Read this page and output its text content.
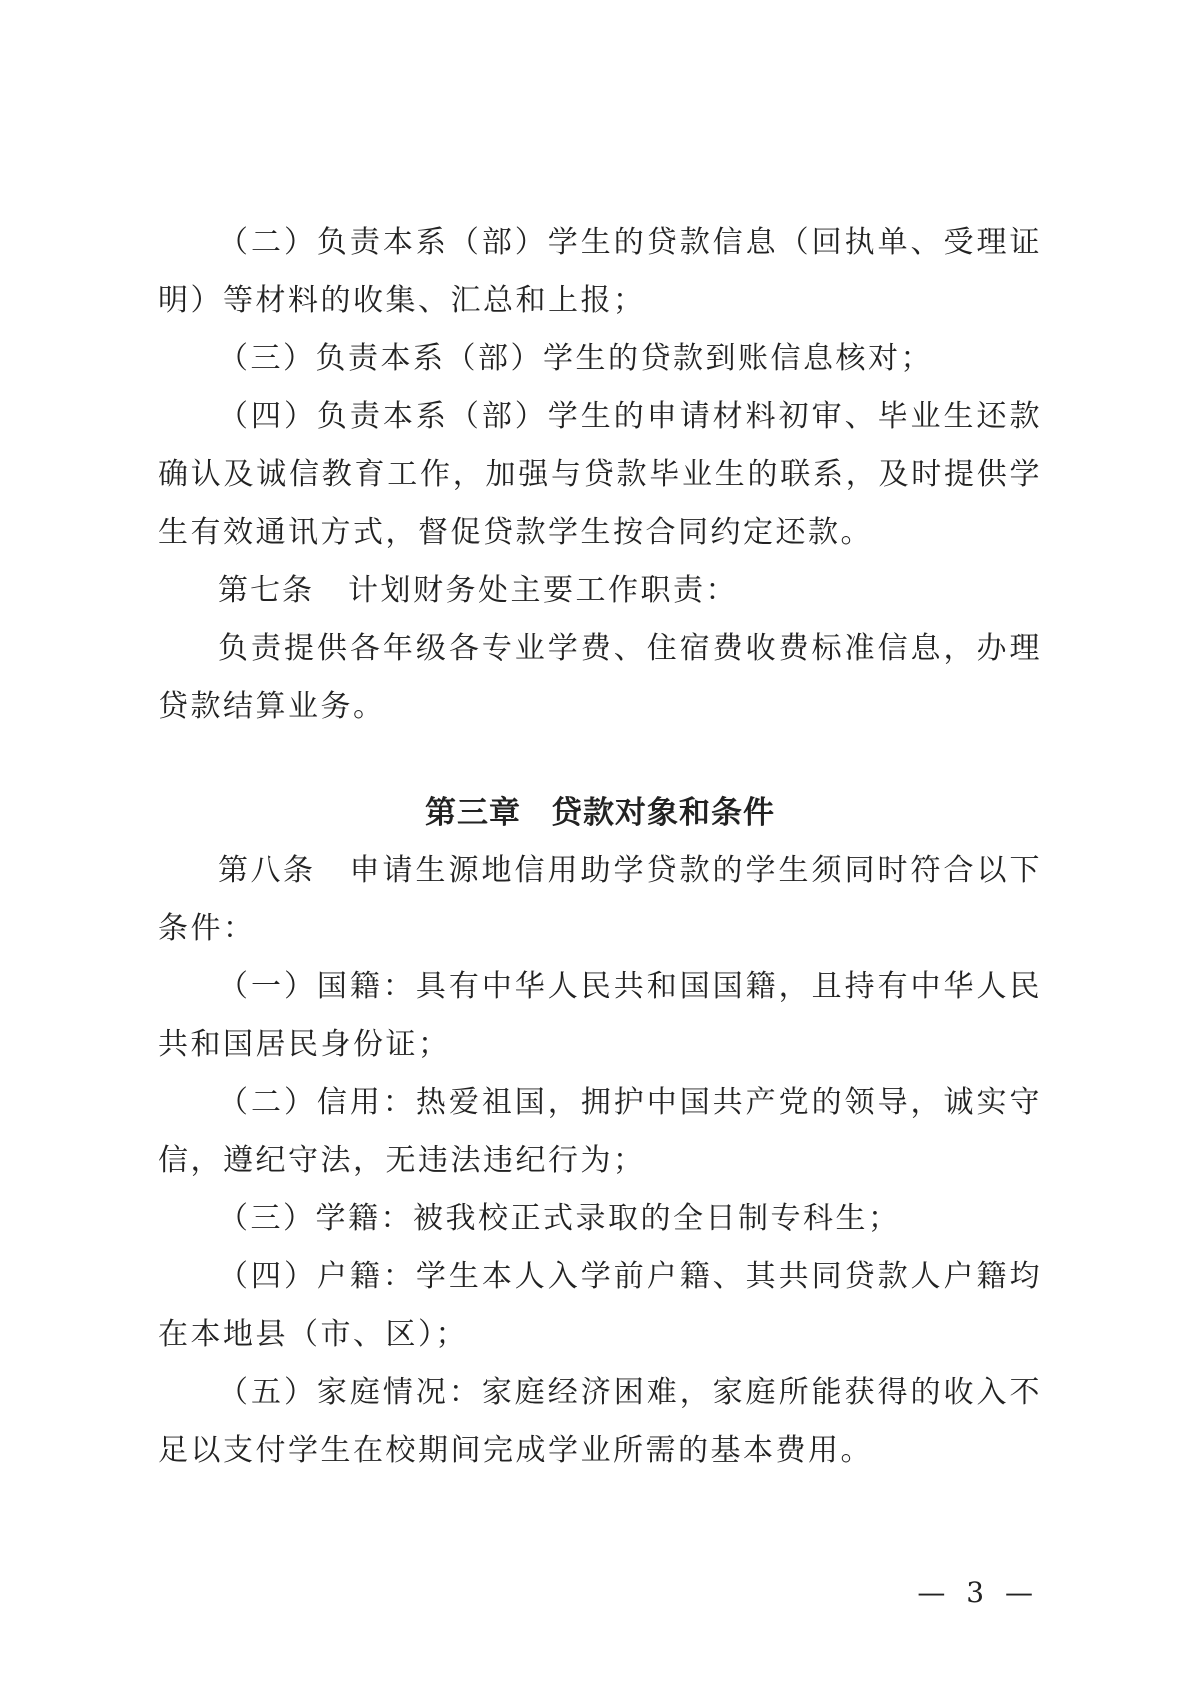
（二）负责本系（部）学生的贷款信息（回执单、受理证明）等材料的收集、汇总和上报；

（三）负责本系（部）学生的贷款到账信息核对；

（四）负责本系（部）学生的申请材料初审、毕业生还款确认及诚信教育工作，加强与贷款毕业生的联系，及时提供学生有效通讯方式，督促贷款学生按合同约定还款。

第七条 计划财务处主要工作职责：

负责提供各年级各专业学费、住宿费收费标准信息，办理贷款结算业务。

第三章 贷款对象和条件

第八条 申请生源地信用助学贷款的学生须同时符合以下条件：

（一）国籍：具有中华人民共和国国籍，且持有中华人民共和国居民身份证；

（二）信用：热爱祖国，拥护中国共产党的领导，诚实守信，遵纪守法，无违法违纪行为；

（三）学籍：被我校正式录取的全日制专科生；

（四）户籍：学生本人入学前户籍、其共同贷款人户籍均在本地县（市、区）；

（五）家庭情况：家庭经济困难，家庭所能获得的收入不足以支付学生在校期间完成学业所需的基本费用。

— 3 —
